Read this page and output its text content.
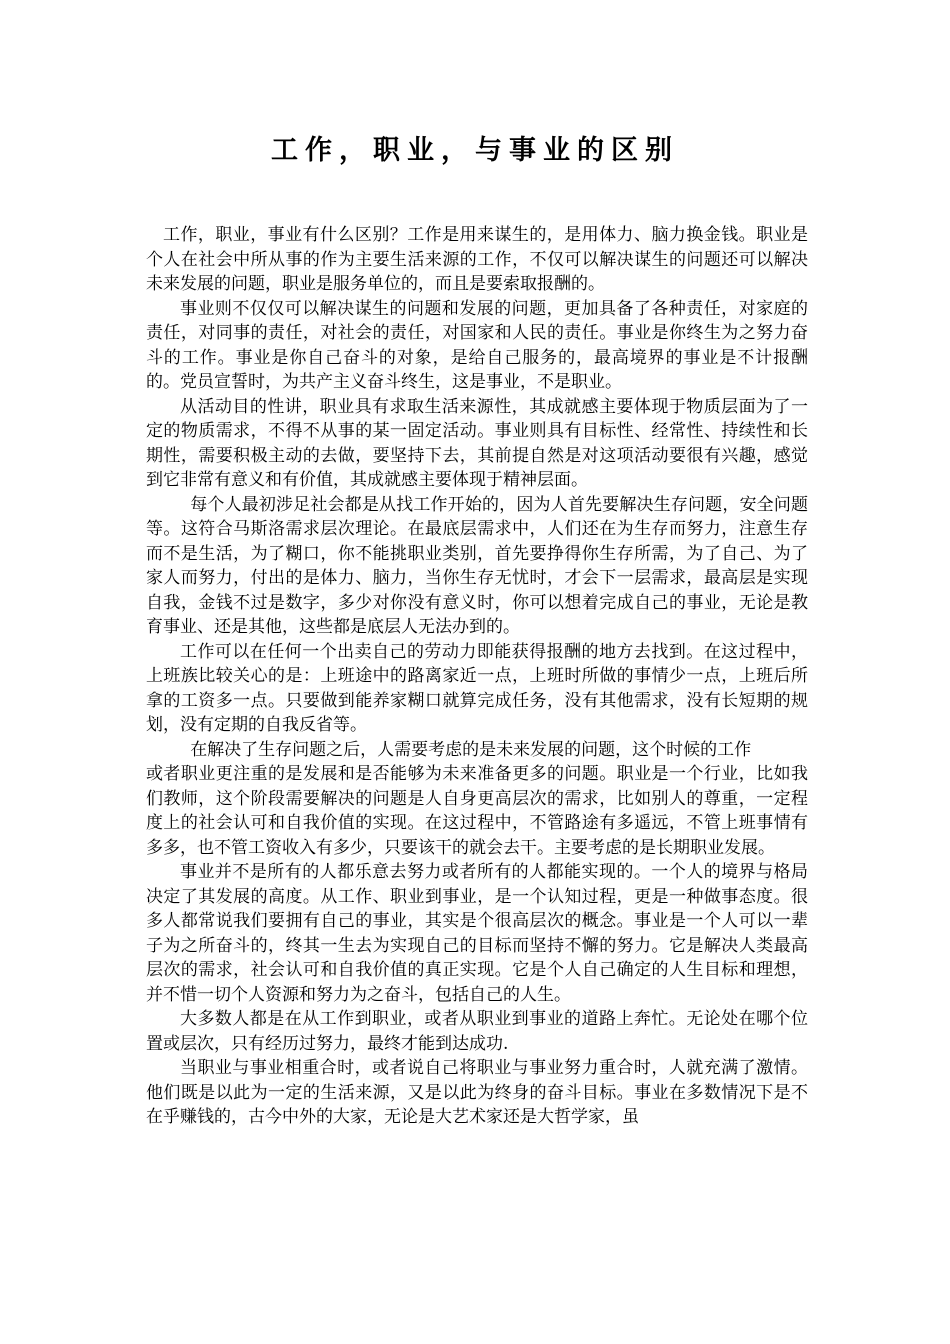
工作，职业，与事业的区别

工作，职业，事业有什么区别？工作是用来谋生的，是用体力、脑力换金钱。职业是个人在社会中所从事的作为主要生活来源的工作，不仅可以解决谋生的问题还可以解决未来发展的问题，职业是服务单位的，而且是要索取报酬的。

事业则不仅仅可以解决谋生的问题和发展的问题，更加具备了各种责任，对家庭的责任，对同事的责任，对社会的责任，对国家和人民的责任。事业是你终生为之努力奋斗的工作。事业是你自己奋斗的对象，是给自己服务的，最高境界的事业是不计报酬的。党员宣誓时，为共产主义奋斗终生，这是事业，不是职业。

从活动目的性讲，职业具有求取生活来源性，其成就感主要体现于物质层面为了一定的物质需求，不得不从事的某一固定活动。事业则具有目标性、经常性、持续性和长期性，需要积极主动的去做，要坚持下去，其前提自然是对这项活动要很有兴趣，感觉到它非常有意义和有价值，其成就感主要体现于精神层面。

每个人最初涉足社会都是从找工作开始的，因为人首先要解决生存问题，安全问题等。这符合马斯洛需求层次理论。在最底层需求中，人们还在为生存而努力，注意生存而不是生活，为了糊口，你不能挑职业类别，首先要挣得你生存所需，为了自己、为了家人而努力，付出的是体力、脑力，当你生存无忧时，才会下一层需求，最高层是实现自我，金钱不过是数字，多少对你没有意义时，你可以想着完成自己的事业，无论是教育事业、还是其他，这些都是底层人无法办到的。

工作可以在任何一个出卖自己的劳动力即能获得报酬的地方去找到。在这过程中，上班族比较关心的是：上班途中的路离家近一点，上班时所做的事情少一点，上班后所拿的工资多一点。只要做到能养家糊口就算完成任务，没有其他需求，没有长短期的规划，没有定期的自我反省等。

在解决了生存问题之后，人需要考虑的是未来发展的问题，这个时候的工作

或者职业更注重的是发展和是否能够为未来准备更多的问题。职业是一个行业，比如我们教师，这个阶段需要解决的问题是人自身更高层次的需求，比如别人的尊重，一定程度上的社会认可和自我价值的实现。在这过程中，不管路途有多遥远，不管上班事情有多多，也不管工资收入有多少，只要该干的就会去干。主要考虑的是长期职业发展。

事业并不是所有的人都乐意去努力或者所有的人都能实现的。一个人的境界与格局决定了其发展的高度。从工作、职业到事业，是一个认知过程，更是一种做事态度。很多人都常说我们要拥有自己的事业，其实是个很高层次的概念。事业是一个人可以一辈子为之所奋斗的，终其一生去为实现自己的目标而坚持不懈的努力。它是解决人类最高层次的需求，社会认可和自我价值的真正实现。它是个人自己确定的人生目标和理想，并不惜一切个人资源和努力为之奋斗，包括自己的人生。

大多数人都是在从工作到职业，或者从职业到事业的道路上奔忙。无论处在哪个位置或层次，只有经历过努力，最终才能到达成功.

当职业与事业相重合时，或者说自己将职业与事业努力重合时，人就充满了激情。他们既是以此为一定的生活来源，又是以此为终身的奋斗目标。事业在多数情况下是不在乎赚钱的，古今中外的大家，无论是大艺术家还是大哲学家，虽
